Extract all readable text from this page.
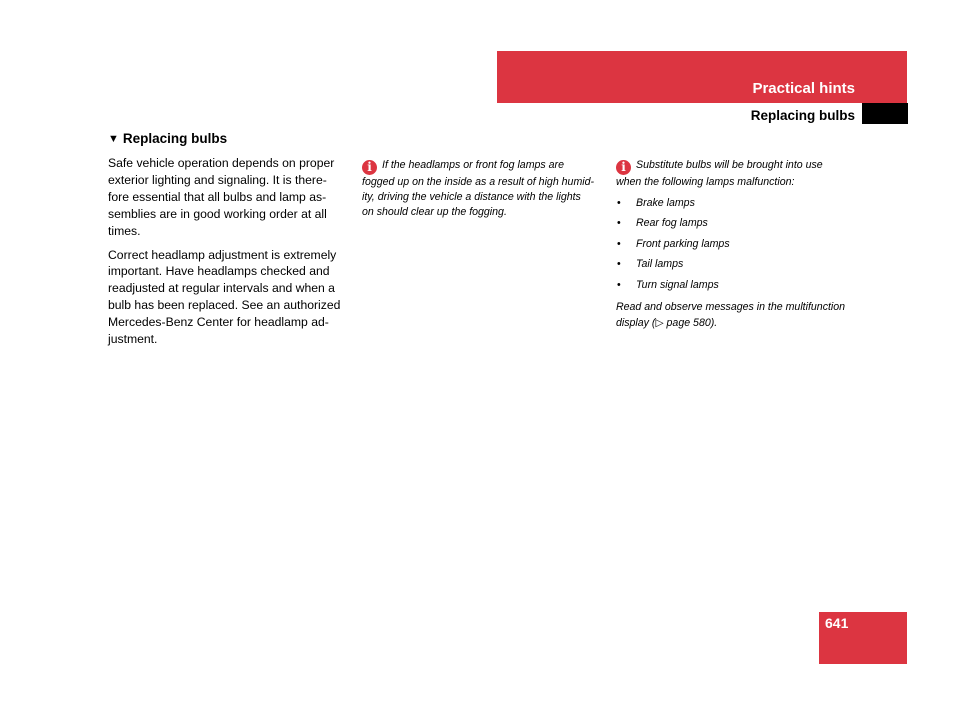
Practical hints
Replacing bulbs
▼ Replacing bulbs

Safe vehicle operation depends on proper
exterior lighting and signaling. It is there-
fore essential that all bulbs and lamp as-
semblies are in good working order at all
times.

Correct headlamp adjustment is extremely
important. Have headlamps checked and
readjusted at regular intervals and when a
bulb has been replaced. See an authorized
Mercedes-Benz Center for headlamp ad-
justment.

i If the headlamps or front fog lamps are
fogged up on the inside as a result of high humid-
ity, driving the vehicle a distance with the lights
on should clear up the fogging.
i Substitute bulbs will be brought into use
when the following lamps malfunction:
• Brake lamps
• Rear fog lamps
• Front parking lamps
• Tail lamps
• Turn signal lamps
Read and observe messages in the multifunction
display (▷ page 580).
641
